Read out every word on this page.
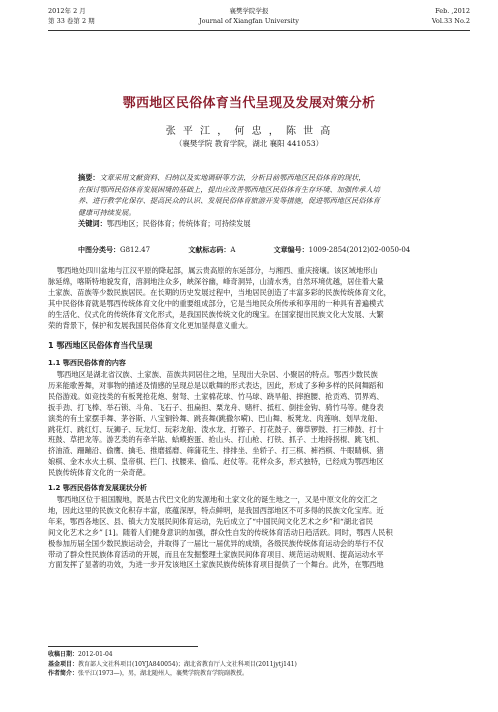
2012年 2 月
第 33 卷第 2 期
襄樊学院学报
Journal of Xiangfan University
Feb. ,2012
Vol.33 No.2
鄂西地区民俗体育当代呈现及发展对策分析
张 平 江 ， 何 忠 ， 陈 世 高
（襄樊学院 教育学院，湖北 襄阳 441053）
摘要：文章采用文献资料、归纳以及实地调研等方法，分析目前鄂西地区民俗体育的现状，
在探讨鄂西民俗体育发展困境的基础上，提出应改善鄂西地区民俗体育生存环境、加强传承人培
养、进行教学化保存、提高民众的认识、发展民俗体育旅游开发等措施，促进鄂西地区民俗体育
健康可持续发展。
关键词：鄂西地区；民俗体育；传统体育；可持续发展
中图分类号：G812.47	文献标志码：A	文章编号：1009-2854(2012)02-0050-04
鄂西地处四川盆地与江汉平原的降起部，属云贵高原的东延部分，与湘西、重庆接壤。该区域地形山
脉延绵，喀斯特地貌发育，溶洞地注众多，峡深谷幽，峰奇洞异，山清水秀，自然环境优越，居住着大量
土家族、苗族等少数民族居民。在长期的历史发展过程中，当地居民创造了丰富多彩的民族传统体育文化，
其中民俗体育就是鄂西传统体育文化中的重要组成部分，它是当地民众所传承和享用的一种具有普遍模式
的生活化、仪式化的传统体育文化形式，是我国民族传统文化的瑰宝。在国家提出民族文化大发展、大繁
荣的背景下，保护和发展我国民俗体育文化更加显得意义重大。
1 鄂西地区民俗体育当代呈现
1.1 鄂西民俗体育的内容
鄂西地区是湖北省汉族、土家族、苗族共同居住之地，呈现出大杂居、小聚居的特点。鄂西少数民族
历来能歌善舞，对事物的描述及情感的呈现总是以歌舞的形式表达，因此，形成了多种多样的民间舞蹈和
民俗游戏。如竞技类的有板凳抢花炮、射弩、土家棉花球、竹马球、跷旱船、摔抱腰、抢贡鸡、罚界鸡、
扳手劲、打飞棒、举石锁、斗角、飞石子、扭扁担、栗龙舟、赌杆、抵杠、倒挂金钩、骑竹马等。健身表
演类的有土家摆手舞、茅谷斯、八宝铜铃舞、跳丧舞(跳撒尔嗬)、巴山舞、板凳龙、肉莲响、划旱龙船、
跳花灯、跳红灯、玩狮子、玩龙灯、玩彩龙船、泼水龙、打镲子、打花鼓子、薅草锣鼓、打三棒鼓、打十
班鼓、草把龙等。游艺类的有牵羊貼、蛤蟆抱蛋、抢山头、打山枪、打铁、抓子、土地持拐棍、跳飞机、
挤油渣、跚蹦沿、偷鹰、擒毛、推磨摇磨、筛蒲花生、排排坐、坐轿子、打三棋、裤裆棋、牛眼睛棋、猪
娘棋、金木水火土棋、皇帝棋、拦门、找腰来、偷瓜、赶仗等。花样众多，形式独特，已经成为鄂西地区
民族传统体育文化的一朵奇葩。
1.2 鄂西民俗体育发展现状分析
鄂西地区位于祖国腹地，既是古代巴文化的发源地和土家文化的诞生地之一，又是中原文化的交汇之
地，因此这里的民族文化积存丰富，底蕴深厚，特点鲜明，是我国西部地区不可多得的民族文化宝库。近
年来，鄂西各地区、县、镇大力发展民间体育运动，先后成立了“中国民间文化艺术之乡”和“湖北省民
间文化艺术之乡” [1]。随着人们健身意识的加强，群众性自发的传统体育活动日趋活跃。同时，鄂西人民积
极参加历届全国少数民族运动会，并取得了一届比一届优异的成绩，各级民族传统体育运动会的举行不仅
带动了群众性民族体育活动的开展，而且在发掘整理土家族民间体育项目、规范运动规则、提高运动水平
方面发挥了显著的功效，为进一步开发该地区土家族民族传统体育项目提供了一个舞台。此外，在鄂西地
收稿日期：2012-01-04
基金项目：教育部人文社科项目(10YJA840054)；湖北省教育厅人文社科项目(2011jytj141)
作者简介：张平江(1973—)，男，湖北随州人，襄樊学院教育学院副教授。
